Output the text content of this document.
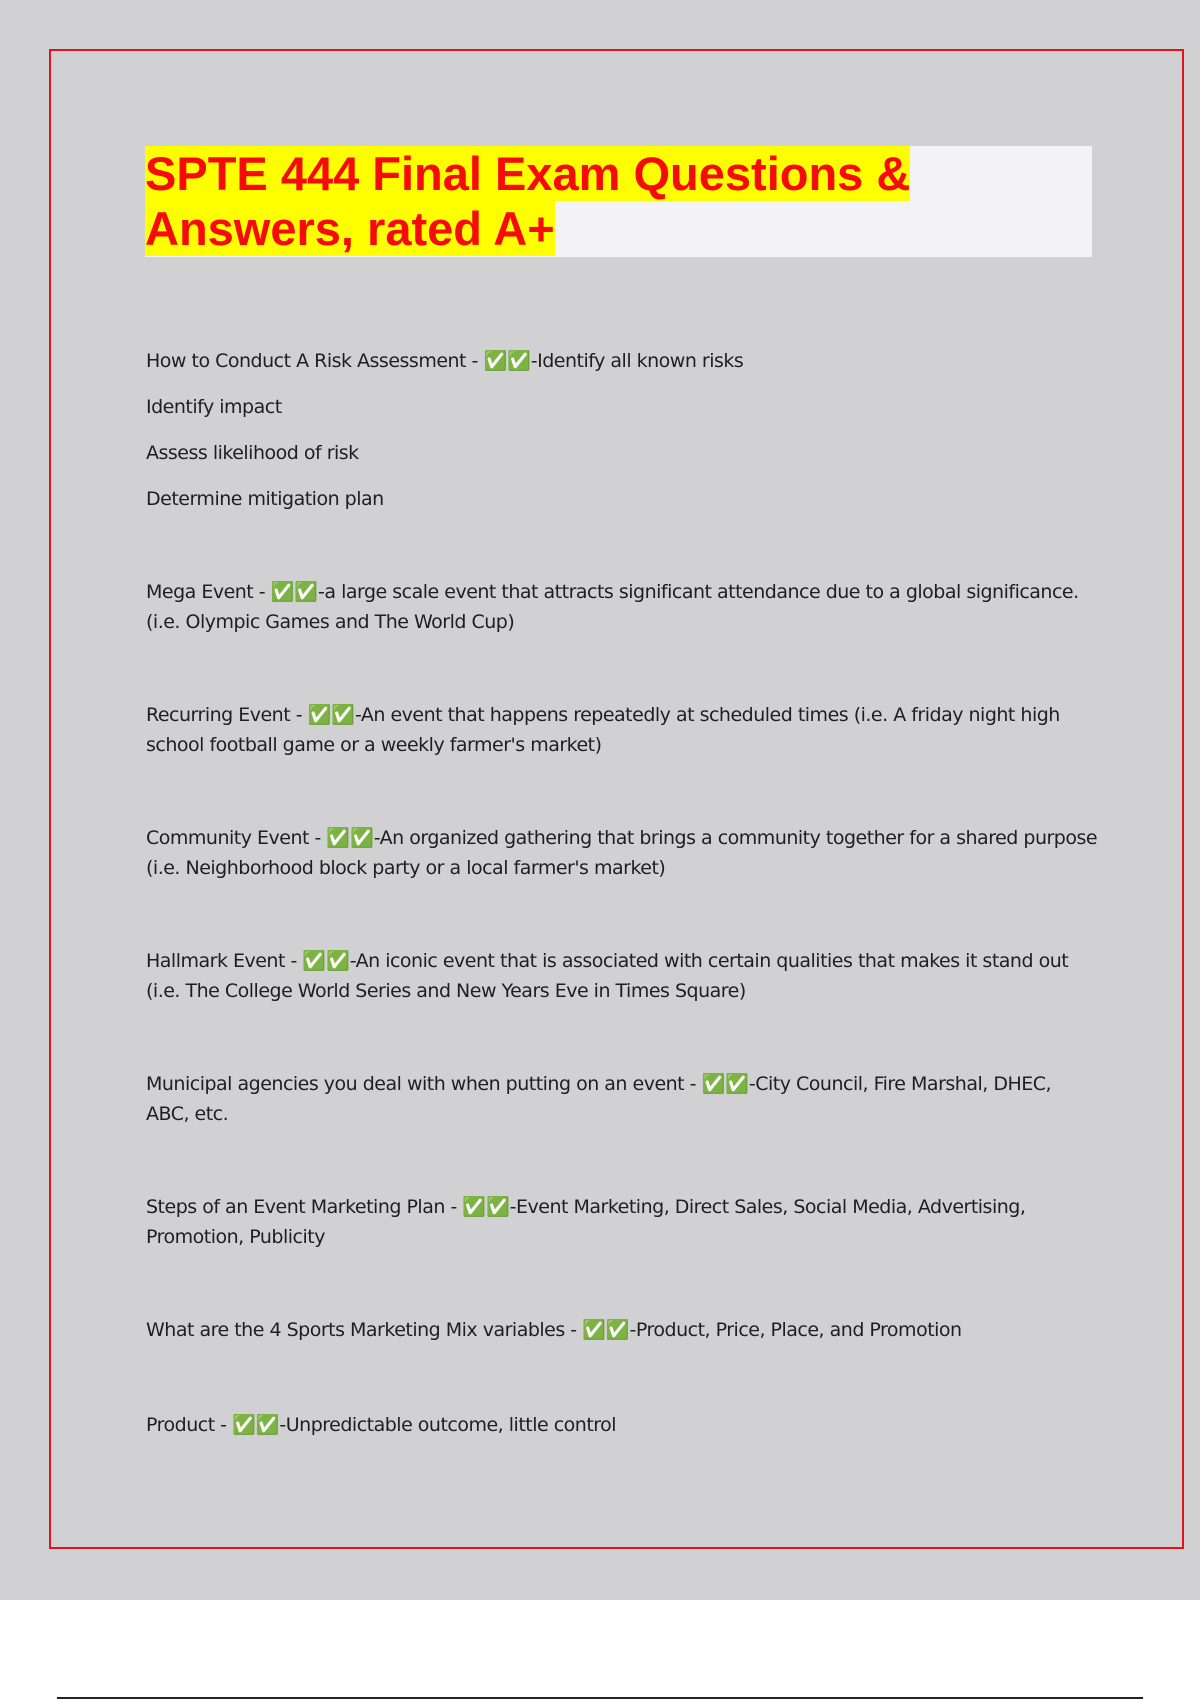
SPTE 444 Final Exam Questions &
Answers, rated A+
How to Conduct A Risk Assessment - ✅✅-Identify all known risks
Identify impact
Assess likelihood of risk
Determine mitigation plan
Mega Event - ✅✅-a large scale event that attracts significant attendance due to a global significance.
(i.e. Olympic Games and The World Cup)
Recurring Event - ✅✅-An event that happens repeatedly at scheduled times (i.e. A friday night high
school football game or a weekly farmer's market)
Community Event - ✅✅-An organized gathering that brings a community together for a shared purpose
(i.e. Neighborhood block party or a local farmer's market)
Hallmark Event - ✅✅-An iconic event that is associated with certain qualities that makes it stand out
(i.e. The College World Series and New Years Eve in Times Square)
Municipal agencies you deal with when putting on an event - ✅✅-City Council, Fire Marshal, DHEC,
ABC, etc.
Steps of an Event Marketing Plan - ✅✅-Event Marketing, Direct Sales, Social Media, Advertising,
Promotion, Publicity
What are the 4 Sports Marketing Mix variables - ✅✅-Product, Price, Place, and Promotion
Product - ✅✅-Unpredictable outcome, little control
